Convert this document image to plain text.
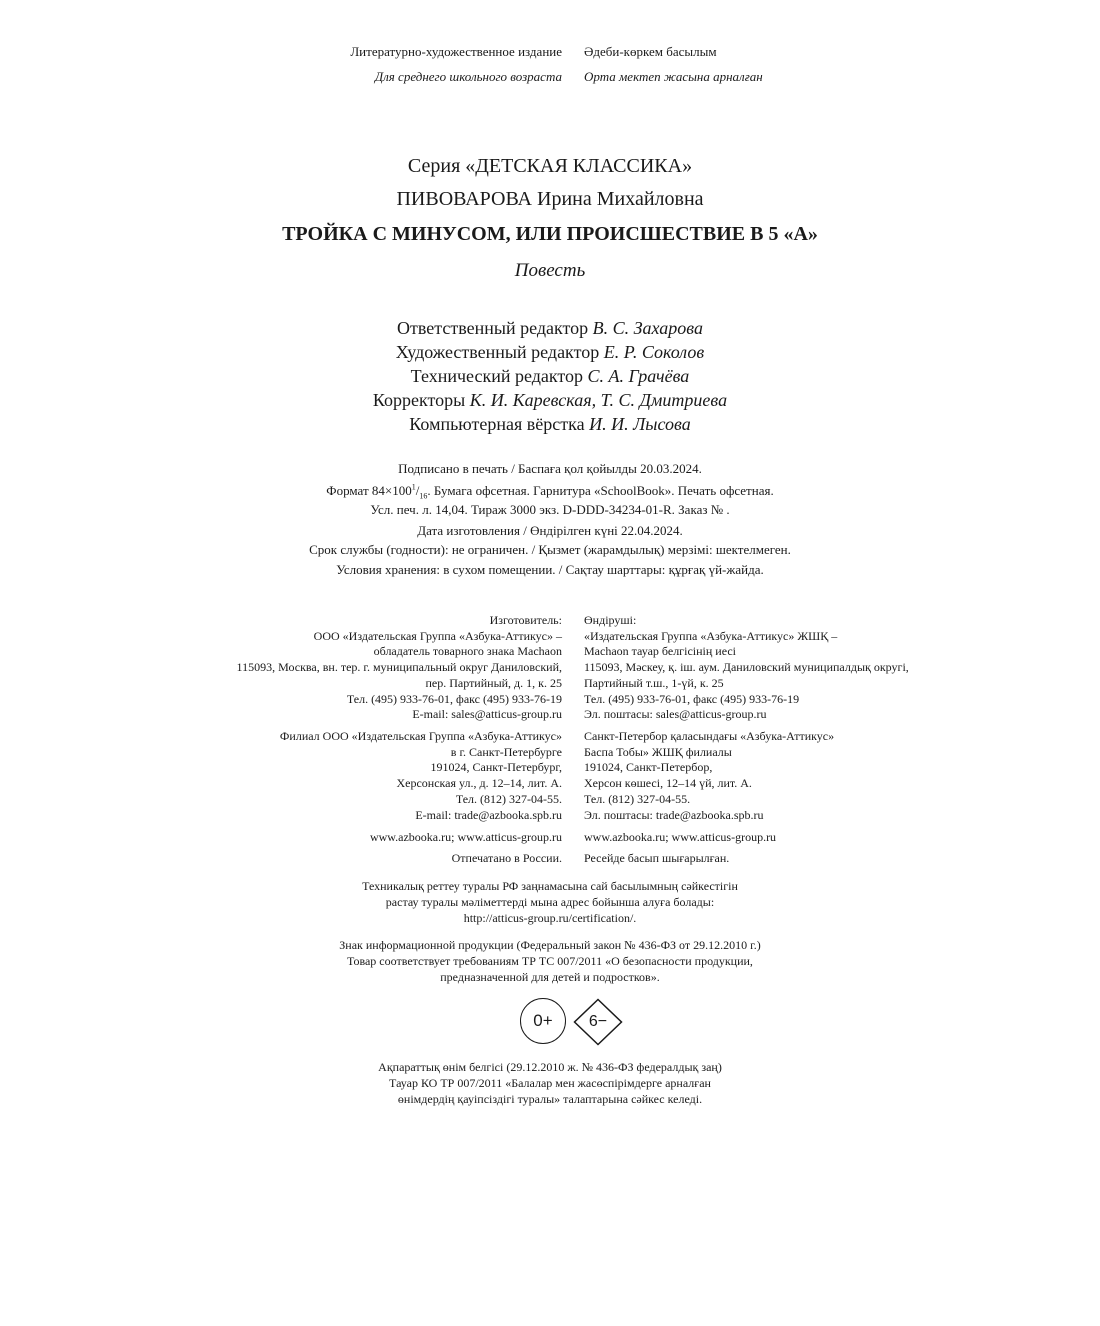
Литературно-художественное издание Әдеби-көркем басылым
Для среднего школьного возраста Орта мектеп жасына арналған
Серия «ДЕТСКАЯ КЛАССИКА»
ПИВОВАРОВА Ирина Михайловна
ТРОЙКА С МИНУСОМ, ИЛИ ПРОИСШЕСТВИЕ В 5 «А»
Повесть
Ответственный редактор В. С. Захарова
Художественный редактор Е. Р. Соколов
Технический редактор С. А. Грачёва
Корректоры К. И. Каревская, Т. С. Дмитриева
Компьютерная вёрстка И. И. Лысова
Подписано в печать / Баспаға қол қойылды 20.03.2024.
Формат $84\times 100^1/_{16}$. Бумага офсетная. Гарнитура «SchoolBook». Печать офсетная.
Усл. печ. л. 14,04. Тираж 3000 экз. D-DDD-34234-01-R. Заказ № .
Дата изготовления / Өндірілген күні 22.04.2024.
Срок службы (годности): не ограничен. / Қызмет (жарамдылық) мерзімі: шектелмеген.
Условия хранения: в сухом помещении. / Сақтау шарттары: құрғақ үй-жайда.
Изготовитель:
ООО «Издательская Группа «Азбука-Аттикус» –
обладатель товарного знака Machaon
115093, Москва, вн. тер. г. муниципальный округ Даниловский,
пер. Партийный, д. 1, к. 25
Тел. (495) 933-76-01, факс (495) 933-76-19
E-mail: sales@atticus-group.ru
Өндіруші:
«Издательская Группа «Азбука-Аттикус» ЖШҚ –
Machaon тауар белгісінің иесі
115093, Мәскеу, қ. іш. аум. Даниловский муниципалдық округі,
Партийный т.ш., 1-үй, к. 25
Тел. (495) 933-76-01, факс (495) 933-76-19
Эл. поштасы: sales@atticus-group.ru
Филиал ООО «Издательская Группа «Азбука-Аттикус»
в г. Санкт-Петербурге
191024, Санкт-Петербург,
Херсонская ул., д. 12–14, лит. А.
Тел. (812) 327-04-55.
E-mail: trade@azbooka.spb.ru
Санкт-Петербор қаласындағы «Азбука-Аттикус»
Баспа Тобы» ЖШҚ филиалы
191024, Санкт-Петербор,
Херсон көшесі, 12–14 үй, лит. А.
Тел. (812) 327-04-55.
Эл. поштасы: trade@azbooka.spb.ru
www.azbooka.ru; www.atticus-group.ru www.azbooka.ru; www.atticus-group.ru
Отпечатано в России. Ресейде басып шығарылған.
Техникалық реттеу туралы РФ заңнамасына сай басылымның сәйкестігін
растау туралы мәліметтерді мына адрес бойынша алуға болады:
http://atticus-group.ru/certification/.
Знак информационной продукции (Федеральный закон № 436-ФЗ от 29.12.2010 г.)
Товар соответствует требованиям ТР ТС 007/2011 «О безопасности продукции,
предназначенной для детей и подростков».
0+	6−
Ақпараттық өнім белгісі (29.12.2010 ж. № 436-ФЗ федералдық заң)
Тауар КО ТР 007/2011 «Балалар мен жасөспірімдерге арналған
өнімдердің қауіпсіздігі туралы» талаптарына сәйкес келеді.
